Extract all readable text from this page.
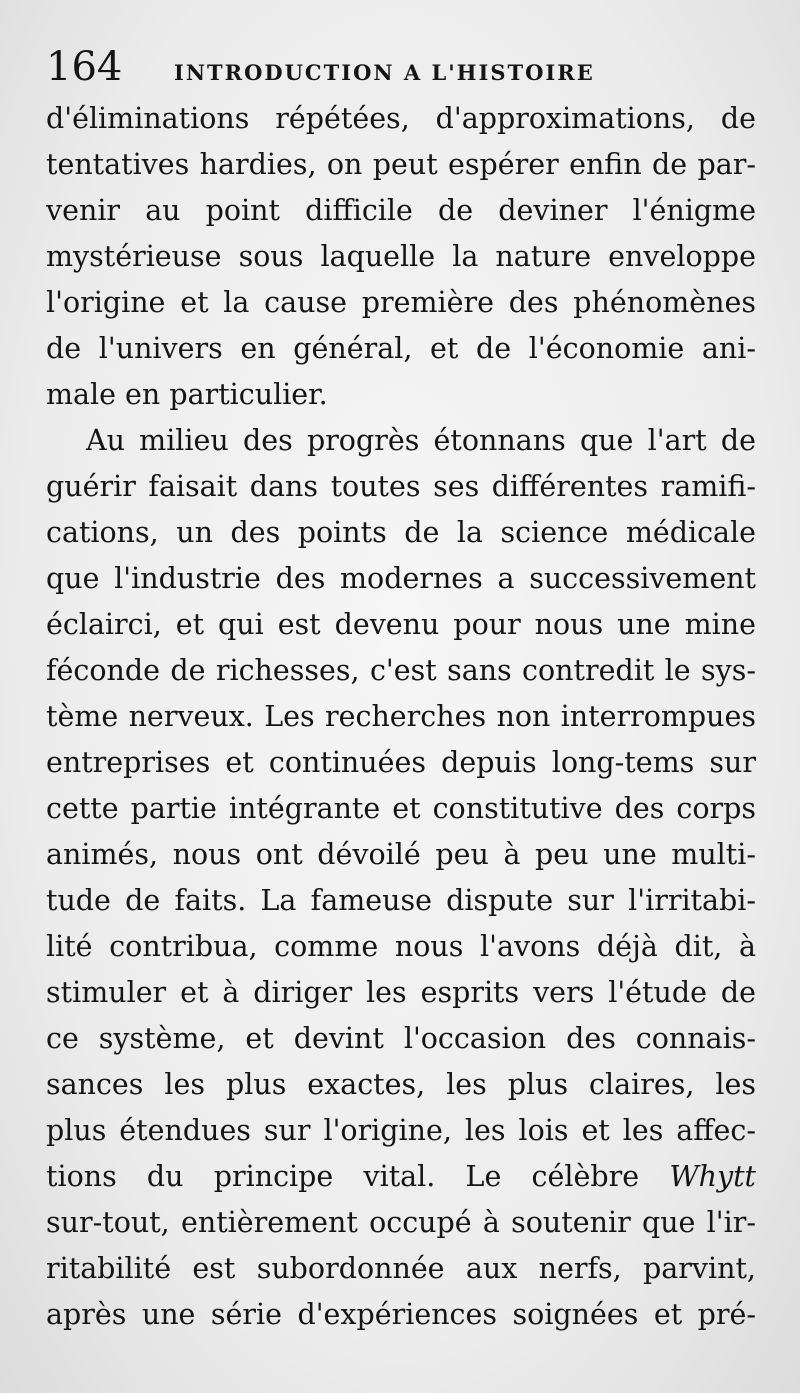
164 INTRODUCTION A L'HISTOIRE
d'éliminations répétées, d'approximations, de
tentatives hardies, on peut espérer enfin de par-
venir au point difficile de deviner l'énigme
mystérieuse sous laquelle la nature enveloppe
l'origine et la cause première des phénomènes
de l'univers en général, et de l'économie ani-
male en particulier.
Au milieu des progrès étonnans que l'art de
guérir faisait dans toutes ses différentes ramifi-
cations, un des points de la science médicale
que l'industrie des modernes a successivement
éclairci, et qui est devenu pour nous une mine
féconde de richesses, c'est sans contredit le sys-
tème nerveux. Les recherches non interrompues
entreprises et continuées depuis long-tems sur
cette partie intégrante et constitutive des corps
animés, nous ont dévoilé peu à peu une multi-
tude de faits. La fameuse dispute sur l'irritabi-
lité contribua, comme nous l'avons déjà dit, à
stimuler et à diriger les esprits vers l'étude de
ce système, et devint l'occasion des connais-
sances les plus exactes, les plus claires, les
plus étendues sur l'origine, les lois et les affec-
tions du principe vital. Le célèbre Whytt
sur-tout, entièrement occupé à soutenir que l'ir-
ritabilité est subordonnée aux nerfs, parvint,
après une série d'expériences soignées et pré-
